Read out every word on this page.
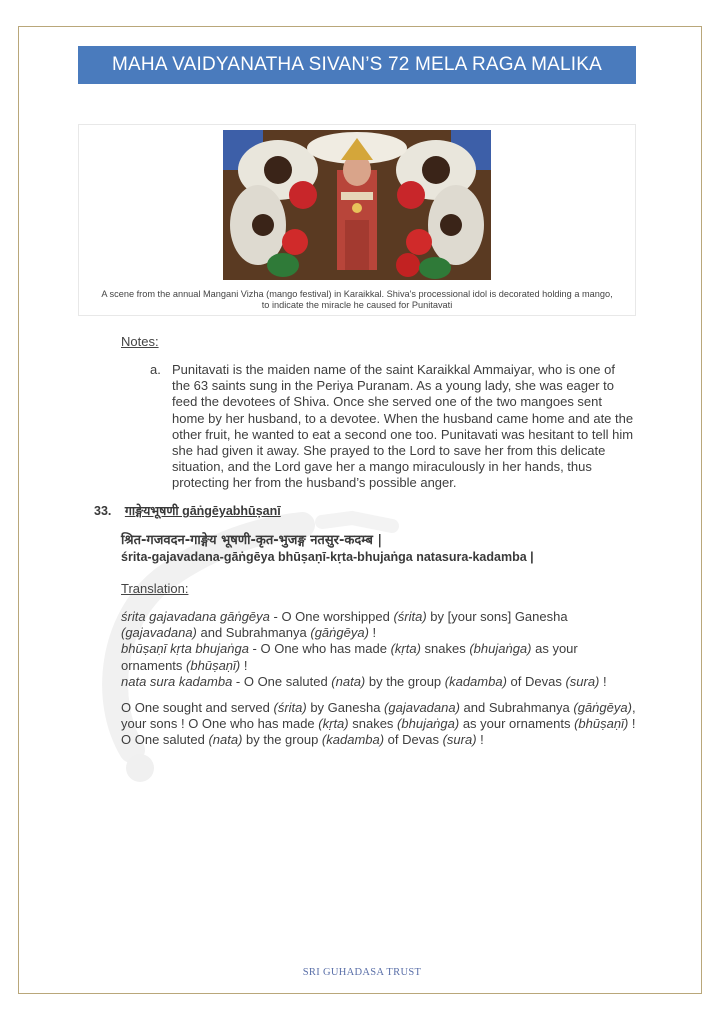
MAHA VAIDYANATHA SIVAN’S 72 MELA RAGA MALIKA
A scene from the annual Mangani Vizha (mango festival) in Karaikkal. Shiva's processional idol is decorated holding a mango,
to indicate the miracle he caused for Punitavati
Notes:
a. Punitavati is the maiden name of the saint Karaikkal Ammaiyar, who is one of the 63 saints sung in the Periya Puranam. As a young lady, she was eager to feed the devotees of Shiva. Once she served one of the two mangoes sent home by her husband, to a devotee. When the husband came home and ate the other fruit, he wanted to eat a second one too. Punitavati was hesitant to tell him she had given it away. She prayed to the Lord to save her from this delicate situation, and the Lord gave her a mango miraculously in her hands, thus protecting her from the husband’s possible anger.
33. गाङ्गेयभूषणी gāṅgēyabhūṣanī
श्रित-गजवदन-गाङ्गेय भूषणी-कृत-भुजङ्ग नतसुर-कदम्ब |
śrita-gajavadana-gāṅgēya bhūṣaṇī-kṛta-bhujaṅga natasura-kadamba |
Translation:

śrita gajavadana gāṅgēya - O One worshipped (śrita) by [your sons] Ganesha (gajavadana) and Subrahmanya (gāṅgēya) !

bhūṣaṇī kṛta bhujaṅga - O One who has made (kṛta) snakes (bhujaṅga) as your ornaments (bhūṣaṇī) !

nata sura kadamba - O One saluted (nata) by the group (kadamba) of Devas (sura) !

O One sought and served (śrita) by Ganesha (gajavadana) and Subrahmanya (gāṅgēya), your sons ! O One who has made (kṛta) snakes (bhujaṅga) as your ornaments (bhūṣaṇī) ! O One saluted (nata) by the group (kadamba) of Devas (sura) !

SRI GUHADASA TRUST
